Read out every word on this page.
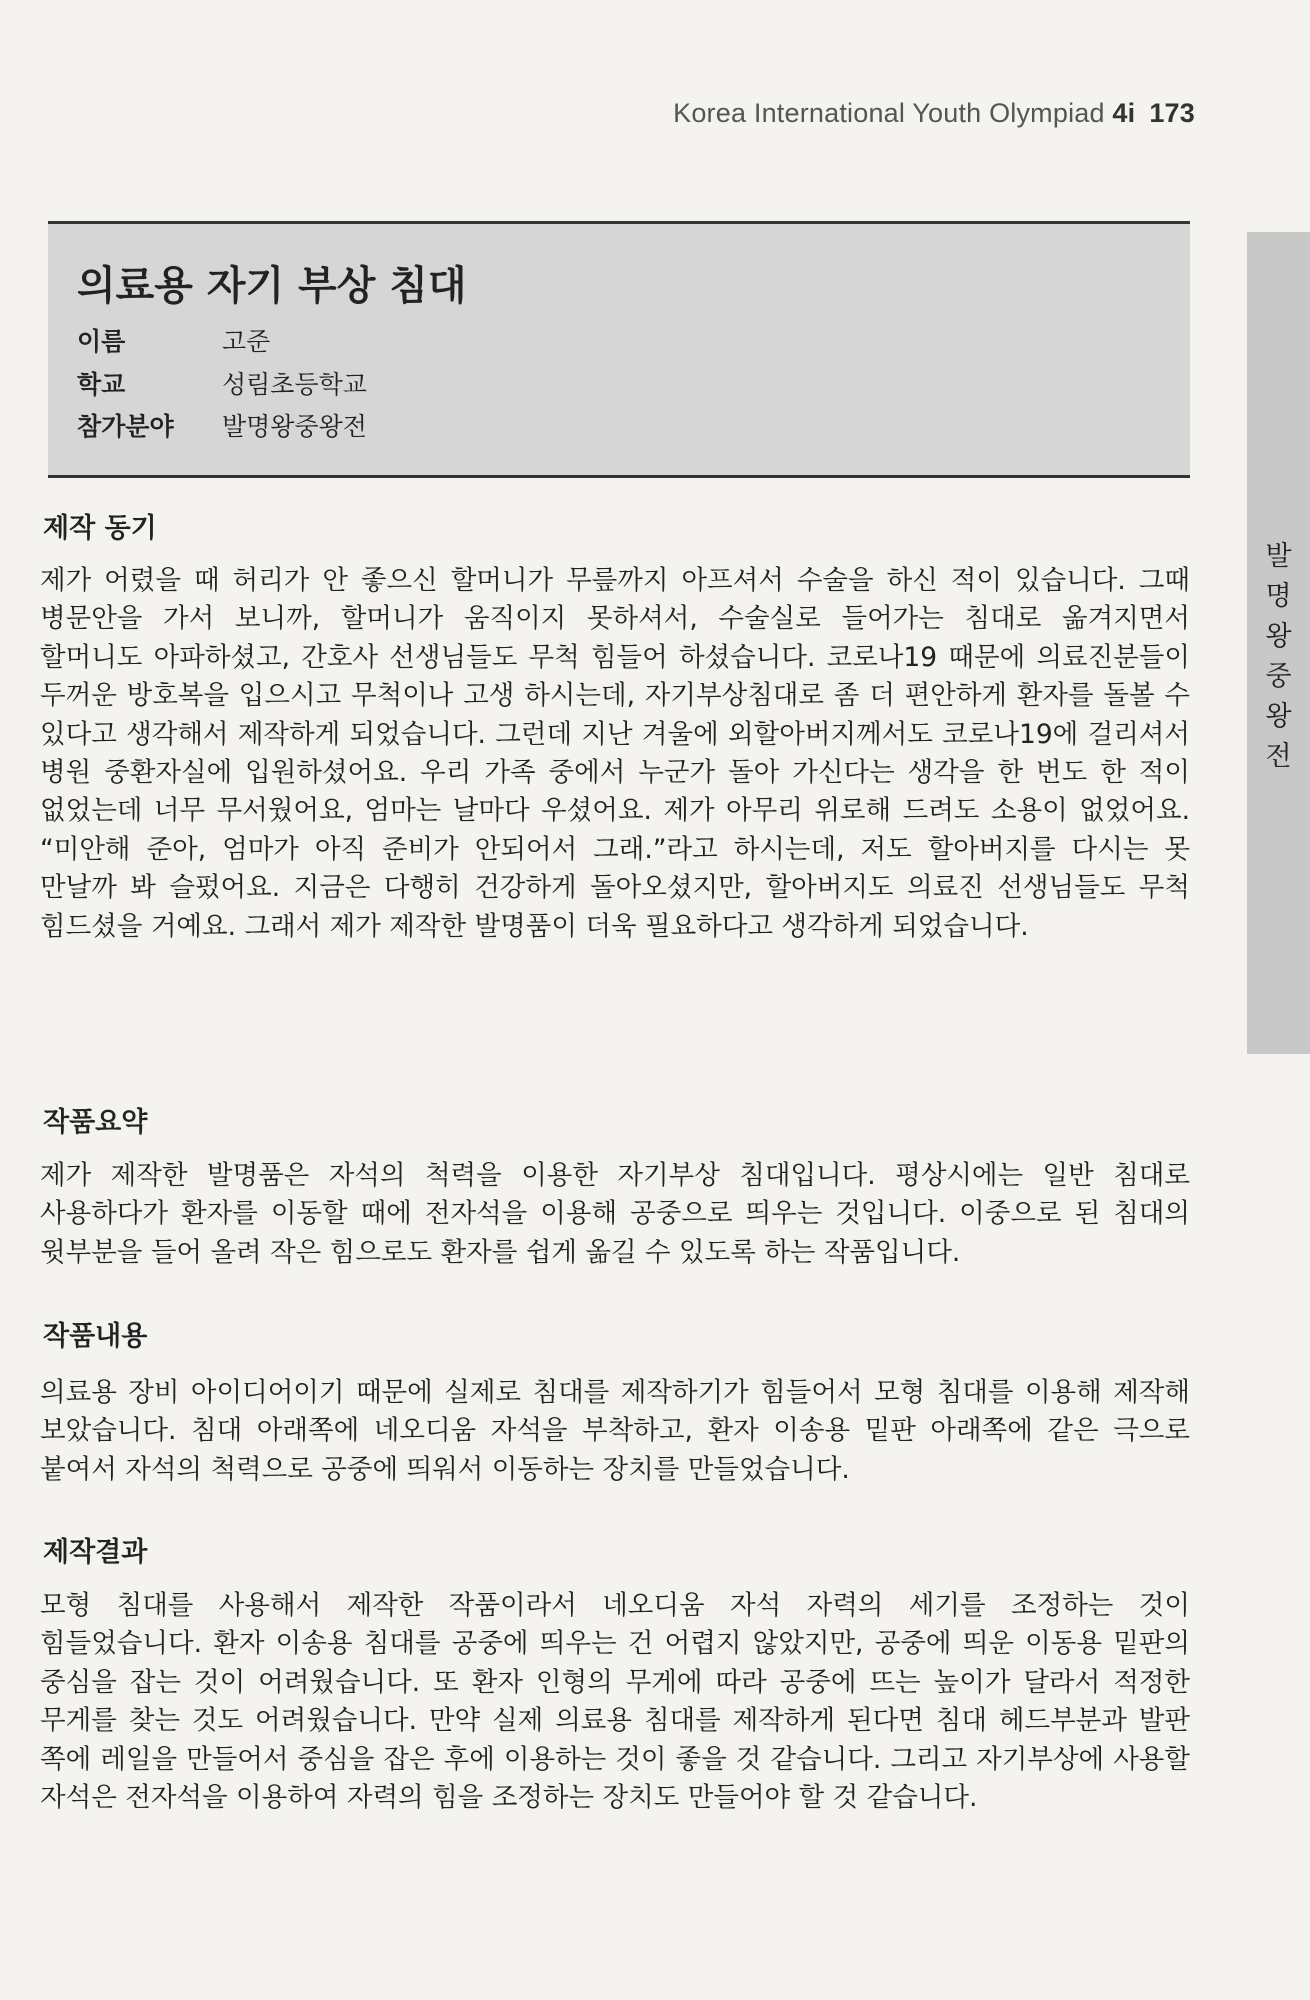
Korea International Youth Olympiad 4i 173
의료용 자기 부상 침대
이름	고준
학교	성림초등학교
참가분야	발명왕중왕전
발
명
왕
중
왕
전
제작 동기

제가 어렸을 때 허리가 안 좋으신 할머니가 무릎까지 아프셔서 수술을 하신 적이 있습니다. 그때 병문안을 가서 보니까, 할머니가 움직이지 못하셔서, 수술실로 들어가는 침대로 옮겨지면서 할머니도 아파하셨고, 간호사 선생님들도 무척 힘들어 하셨습니다. 코로나19 때문에 의료진분들이 두꺼운 방호복을 입으시고 무척이나 고생 하시는데, 자기부상침대로 좀 더 편안하게 환자를 돌볼 수 있다고 생각해서 제작하게 되었습니다. 그런데 지난 겨울에 외할아버지께서도 코로나19에 걸리셔서 병원 중환자실에 입원하셨어요. 우리 가족 중에서 누군가 돌아 가신다는 생각을 한 번도 한 적이 없었는데 너무 무서웠어요, 엄마는 날마다 우셨어요. 제가 아무리 위로해 드려도 소용이 없었어요. “미안해 준아, 엄마가 아직 준비가 안되어서 그래.”라고 하시는데, 저도 할아버지를 다시는 못 만날까 봐 슬펐어요. 지금은 다행히 건강하게 돌아오셨지만, 할아버지도 의료진 선생님들도 무척 힘드셨을 거예요. 그래서 제가 제작한 발명품이 더욱 필요하다고 생각하게 되었습니다.

작품요약

제가 제작한 발명품은 자석의 척력을 이용한 자기부상 침대입니다. 평상시에는 일반 침대로 사용하다가 환자를 이동할 때에 전자석을 이용해 공중으로 띄우는 것입니다. 이중으로 된 침대의 윗부분을 들어 올려 작은 힘으로도 환자를 쉽게 옮길 수 있도록 하는 작품입니다.

작품내용

의료용 장비 아이디어이기 때문에 실제로 침대를 제작하기가 힘들어서 모형 침대를 이용해 제작해 보았습니다. 침대 아래쪽에 네오디움 자석을 부착하고, 환자 이송용 밑판 아래쪽에 같은 극으로 붙여서 자석의 척력으로 공중에 띄워서 이동하는 장치를 만들었습니다.

제작결과

모형 침대를 사용해서 제작한 작품이라서 네오디움 자석 자력의 세기를 조정하는 것이 힘들었습니다. 환자 이송용 침대를 공중에 띄우는 건 어렵지 않았지만, 공중에 띄운 이동용 밑판의 중심을 잡는 것이 어려웠습니다. 또 환자 인형의 무게에 따라 공중에 뜨는 높이가 달라서 적정한 무게를 찾는 것도 어려웠습니다. 만약 실제 의료용 침대를 제작하게 된다면 침대 헤드부분과 발판 쪽에 레일을 만들어서 중심을 잡은 후에 이용하는 것이 좋을 것 같습니다. 그리고 자기부상에 사용할 자석은 전자석을 이용하여 자력의 힘을 조정하는 장치도 만들어야 할 것 같습니다.
